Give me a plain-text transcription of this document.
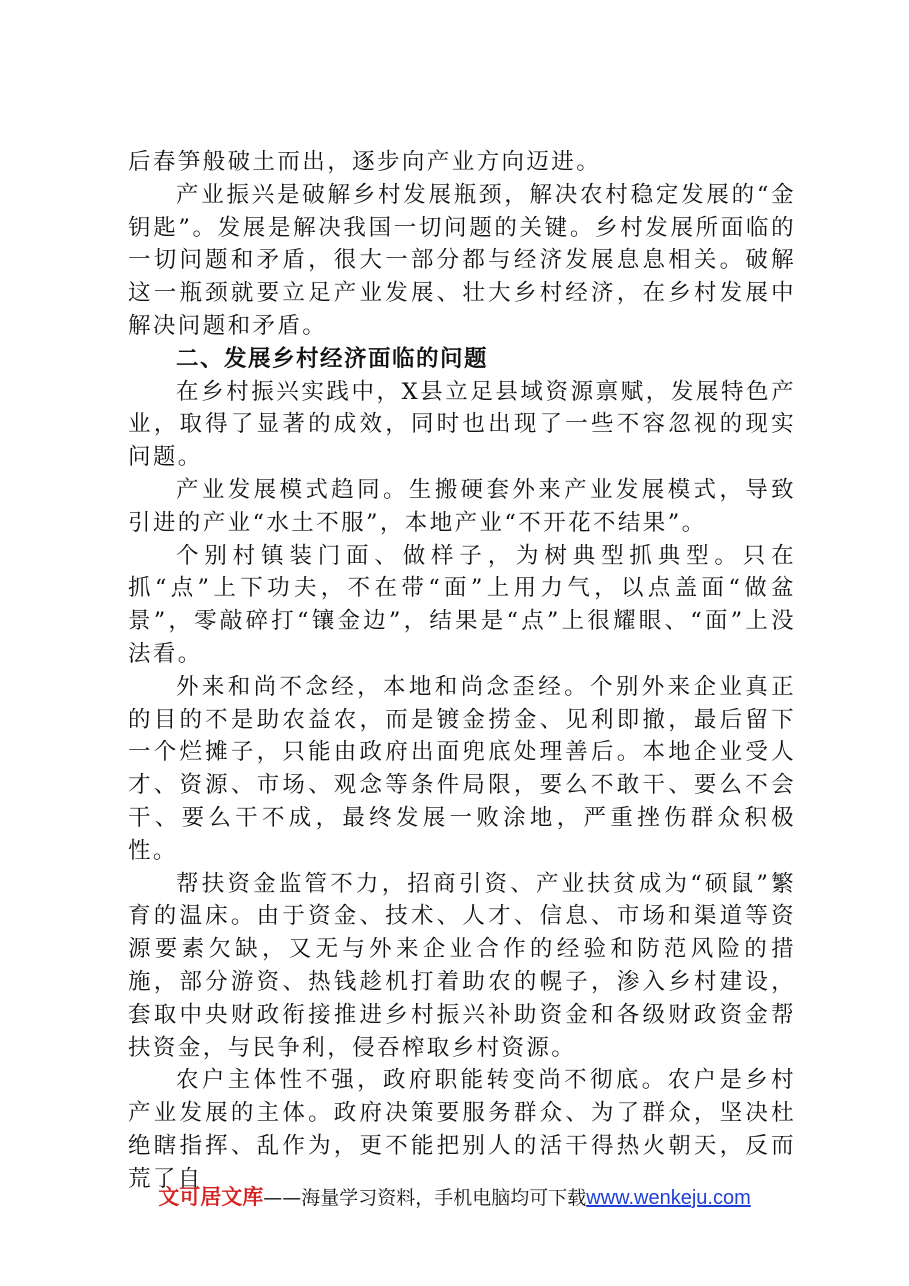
后春笋般破土而出，逐步向产业方向迈进。

产业振兴是破解乡村发展瓶颈，解决农村稳定发展的“金钥匙”。发展是解决我国一切问题的关键。乡村发展所面临的一切问题和矛盾，很大一部分都与经济发展息息相关。破解这一瓶颈就要立足产业发展、壮大乡村经济，在乡村发展中解决问题和矛盾。

二、发展乡村经济面临的问题

在乡村振兴实践中，X县立足县域资源禀赋，发展特色产业，取得了显著的成效，同时也出现了一些不容忽视的现实问题。

产业发展模式趋同。生搬硬套外来产业发展模式，导致引进的产业“水土不服”，本地产业“不开花不结果”。

个别村镇装门面、做样子，为树典型抓典型。只在抓“点”上下功夫，不在带“面”上用力气，以点盖面“做盆景”，零敲碎打“镶金边”，结果是“点”上很耀眼、“面”上没法看。

外来和尚不念经，本地和尚念歪经。个别外来企业真正的目的不是助农益农，而是镀金捞金、见利即撤，最后留下一个烂摊子，只能由政府出面兜底处理善后。本地企业受人才、资源、市场、观念等条件局限，要么不敢干、要么不会干、要么干不成，最终发展一败涂地，严重挫伤群众积极性。

帮扶资金监管不力，招商引资、产业扶贫成为“硕鼠”繁育的温床。由于资金、技术、人才、信息、市场和渠道等资源要素欠缺，又无与外来企业合作的经验和防范风险的措施，部分游资、热钱趁机打着助农的幌子，渗入乡村建设，套取中央财政衔接推进乡村振兴补助资金和各级财政资金帮扶资金，与民争利，侵吞榨取乡村资源。

农户主体性不强，政府职能转变尚不彻底。农户是乡村产业发展的主体。政府决策要服务群众、为了群众，坚决杜绝瞎指挥、乱作为，更不能把别人的活干得热火朝天，反而荒了自

文可居文库——海量学习资料，手机电脑均可下载www.wenkeju.com
